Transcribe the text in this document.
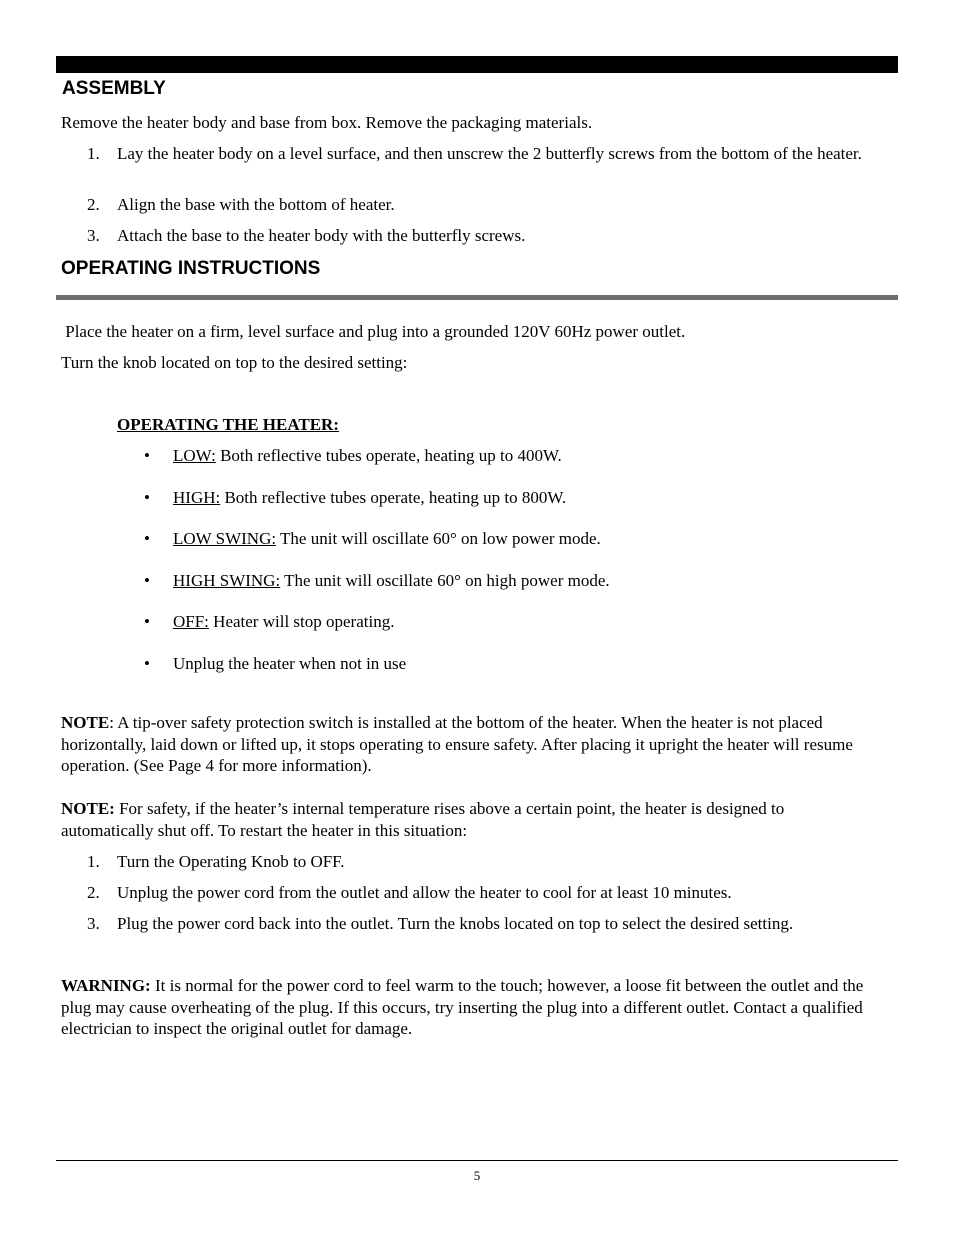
ASSEMBLY
Remove the heater body and base from box. Remove the packaging materials.
1. Lay the heater body on a level surface, and then unscrew the 2 butterfly screws from the bottom of the heater.
2. Align the base with the bottom of heater.
3. Attach the base to the heater body with the butterfly screws.
OPERATING INSTRUCTIONS
Place the heater on a firm, level surface and plug into a grounded 120V 60Hz power outlet.
Turn the knob located on top to the desired setting:
OPERATING THE HEATER:
• LOW: Both reflective tubes operate, heating up to 400W.
• HIGH: Both reflective tubes operate, heating up to 800W.
• LOW SWING: The unit will oscillate 60° on low power mode.
• HIGH SWING: The unit will oscillate 60° on high power mode.
• OFF: Heater will stop operating.
• Unplug the heater when not in use
NOTE: A tip-over safety protection switch is installed at the bottom of the heater. When the heater is not placed horizontally, laid down or lifted up, it stops operating to ensure safety. After placing it upright the heater will resume operation. (See Page 4 for more information).
NOTE: For safety, if the heater’s internal temperature rises above a certain point, the heater is designed to automatically shut off. To restart the heater in this situation:
1. Turn the Operating Knob to OFF.
2. Unplug the power cord from the outlet and allow the heater to cool for at least 10 minutes.
3. Plug the power cord back into the outlet. Turn the knobs located on top to select the desired setting.
WARNING: It is normal for the power cord to feel warm to the touch; however, a loose fit between the outlet and the plug may cause overheating of the plug. If this occurs, try inserting the plug into a different outlet. Contact a qualified electrician to inspect the original outlet for damage.
5
